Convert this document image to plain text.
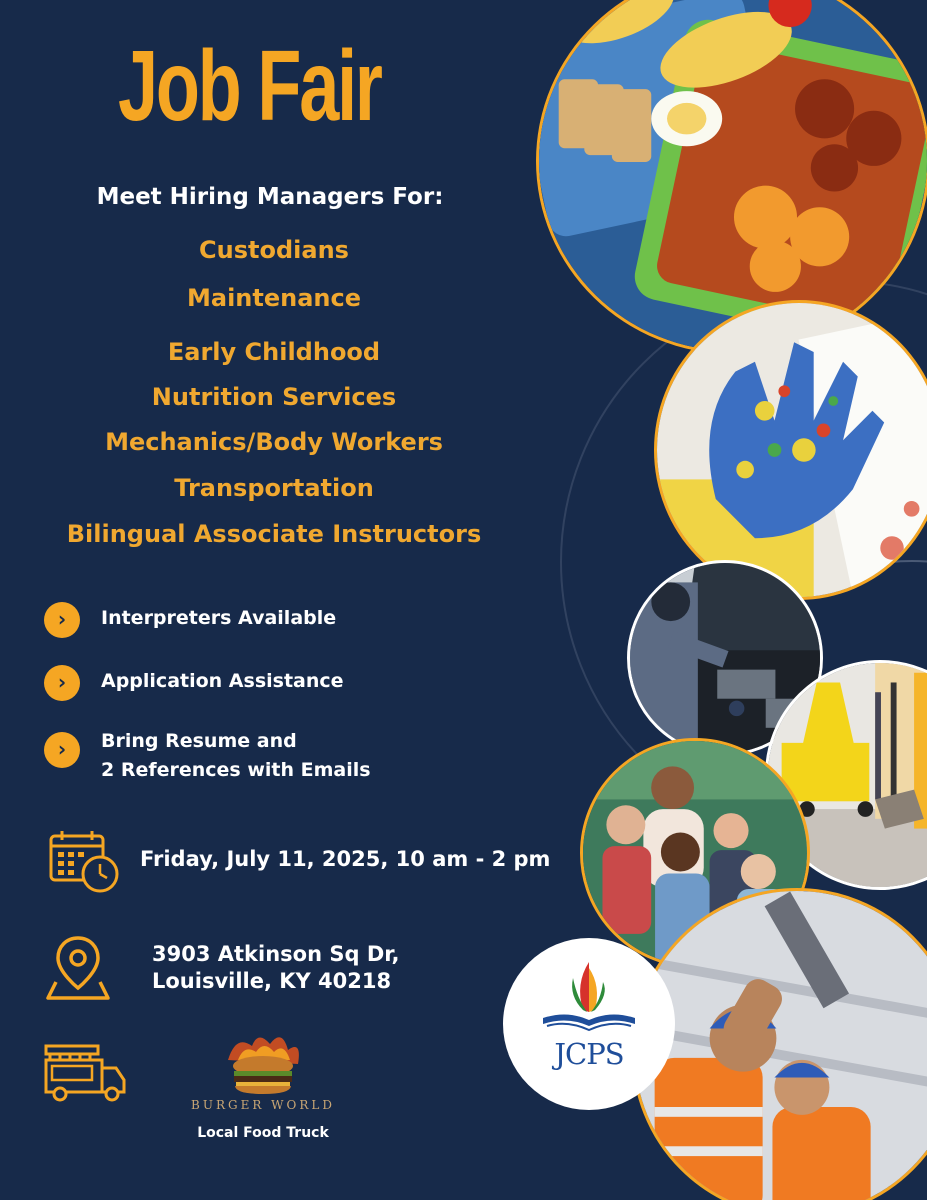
Job Fair
Meet Hiring Managers For:
Custodians
Maintenance
Early Childhood
Nutrition Services
Mechanics/Body Workers
Transportation
Bilingual Associate Instructors
›	Interpreters Available
›	Application Assistance
›	Bring Resume and
2 References with Emails
Friday, July 11, 2025, 10 am - 2 pm
3903 Atkinson Sq Dr,
Louisville, KY 40218
BURGER WORLD
Local Food Truck
JCPS
